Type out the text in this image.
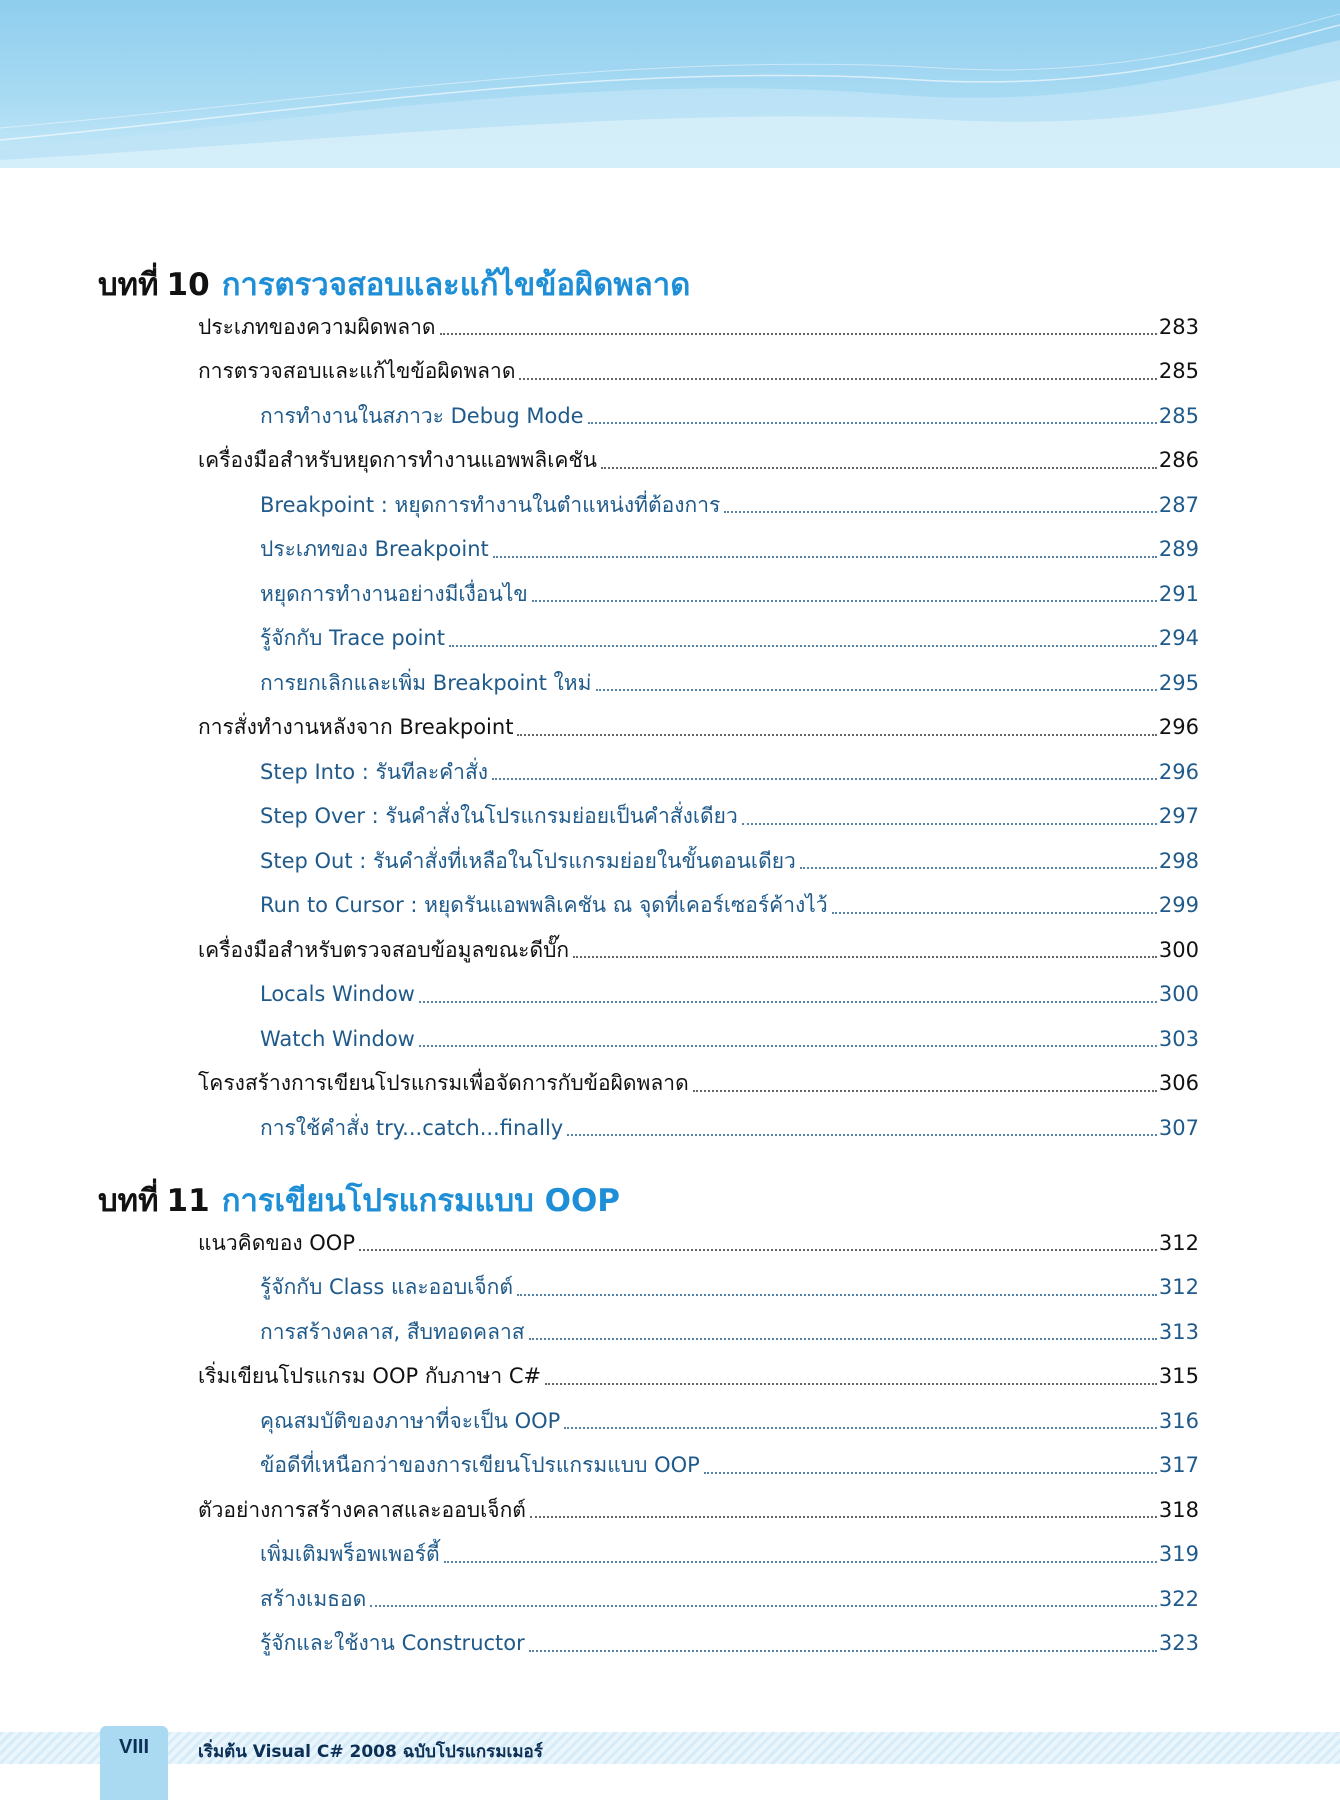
บทที่ 10 การตรวจสอบและแก้ไขข้อผิดพลาด
ประเภทของความผิดพลาด	283
การตรวจสอบและแก้ไขข้อผิดพลาด	285
การทำงานในสภาวะ Debug Mode	285
เครื่องมือสำหรับหยุดการทำงานแอพพลิเคชัน	286
Breakpoint : หยุดการทำงานในตำแหน่งที่ต้องการ	287
ประเภทของ Breakpoint	289
หยุดการทำงานอย่างมีเงื่อนไข	291
รู้จักกับ Trace point	294
การยกเลิกและเพิ่ม Breakpoint ใหม่	295
การสั่งทำงานหลังจาก Breakpoint	296
Step Into : รันทีละคำสั่ง	296
Step Over : รันคำสั่งในโปรแกรมย่อยเป็นคำสั่งเดียว	297
Step Out : รันคำสั่งที่เหลือในโปรแกรมย่อยในขั้นตอนเดียว	298
Run to Cursor : หยุดรันแอพพลิเคชัน ณ จุดที่เคอร์เซอร์ค้างไว้	299
เครื่องมือสำหรับตรวจสอบข้อมูลขณะดีบั๊ก	300
Locals Window	300
Watch Window	303
โครงสร้างการเขียนโปรแกรมเพื่อจัดการกับข้อผิดพลาด	306
การใช้คำสั่ง try...catch...finally	307
บทที่ 11 การเขียนโปรแกรมแบบ OOP
แนวคิดของ OOP	312
รู้จักกับ Class และออบเจ็กต์	312
การสร้างคลาส, สืบทอดคลาส	313
เริ่มเขียนโปรแกรม OOP กับภาษา C#	315
คุณสมบัติของภาษาที่จะเป็น OOP	316
ข้อดีที่เหนือกว่าของการเขียนโปรแกรมแบบ OOP	317
ตัวอย่างการสร้างคลาสและออบเจ็กต์	318
เพิ่มเติมพร็อพเพอร์ตี้	319
สร้างเมธอด	322
รู้จักและใช้งาน Constructor	323
VIII	เริ่มต้น Visual C# 2008 ฉบับโปรแกรมเมอร์
